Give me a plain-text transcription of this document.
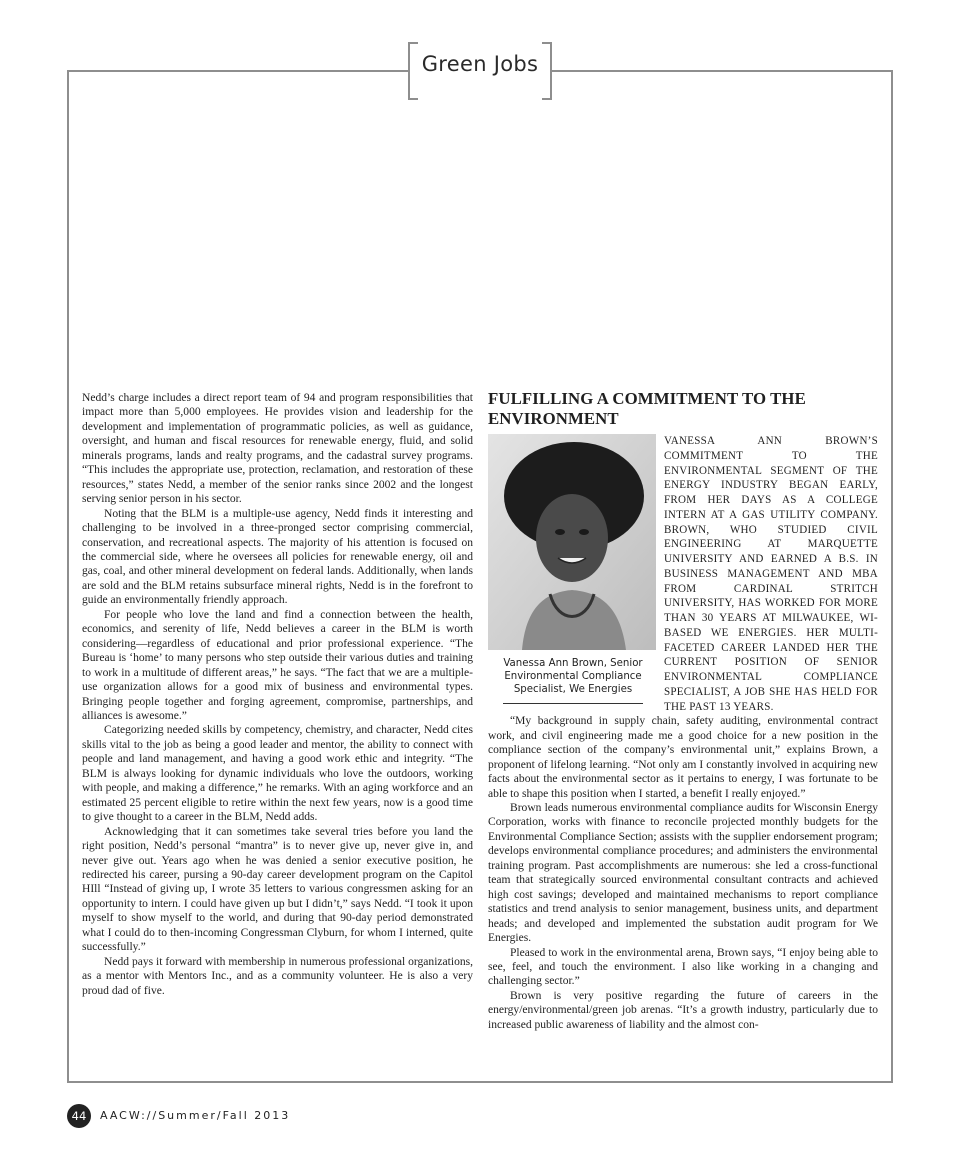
Green Jobs

Nedd’s charge includes a direct report team of 94 and program responsibilities that impact more than 5,000 employees. He provides vision and leadership for the development and implementation of programmatic policies, as well as guidance, oversight, and human and fiscal resources for renewable energy, fluid, and solid minerals programs, lands and realty programs, and the cadastral survey programs. “This includes the appropriate use, protection, reclamation, and restoration of these resources,” states Nedd, a member of the senior ranks since 2002 and the longest serving senior person in his sector.

Noting that the BLM is a multiple-use agency, Nedd finds it interesting and challenging to be involved in a three-pronged sector comprising commercial, conservation, and recreational aspects. The majority of his attention is focused on the commercial side, where he oversees all policies for renewable energy, oil and gas, coal, and other mineral development on federal lands. Additionally, when lands are sold and the BLM retains subsurface mineral rights, Nedd is in the forefront to guide an environmentally friendly approach.

For people who love the land and find a connection between the health, economics, and serenity of life, Nedd believes a career in the BLM is worth considering—regardless of educational and prior professional experience. “The Bureau is ‘home’ to many persons who step outside their various duties and training to work in a multitude of different areas,” he says. “The fact that we are a multiple-use organization allows for a good mix of business and environmental types. Bringing people together and forging agreement, compromise, partnerships, and alliances is awesome.”

Categorizing needed skills by competency, chemistry, and character, Nedd cites skills vital to the job as being a good leader and mentor, the ability to connect with people and land management, and having a good work ethic and integrity. “The BLM is always looking for dynamic individuals who love the outdoors, working with people, and making a difference,” he remarks. With an aging workforce and an estimated 25 percent eligible to retire within the next few years, now is a good time to give thought to a career in the BLM, Nedd adds.

Acknowledging that it can sometimes take several tries before you land the right position, Nedd’s personal “mantra” is to never give up, never give in, and never give out. Years ago when he was denied a senior executive position, he redirected his career, pursing a 90-day career development program on the Capitol HIll “Instead of giving up, I wrote 35 letters to various congressmen asking for an opportunity to intern. I could have given up but I didn’t,” says Nedd. “I took it upon myself to show myself to the world, and during that 90-day period demonstrated what I could do to then-incoming Congressman Clyburn, for whom I interned, quite successfully.”

Nedd pays it forward with membership in numerous professional organizations, as a mentor with Mentors Inc., and as a community volunteer. He is also a very proud dad of five.

FULFILLING A COMMITMENT TO THE ENVIRONMENT
Vanessa Ann Brown, Senior Environmental Compliance Specialist, We Energies

VANESSA ANN BROWN’S COMMITMENT TO THE ENVIRONMENTAL SEGMENT OF THE ENERGY INDUSTRY BEGAN EARLY, FROM HER DAYS AS A COLLEGE INTERN AT A GAS UTILITY COMPANY. BROWN, WHO STUDIED CIVIL ENGINEERING AT MARQUETTE UNIVERSITY AND EARNED A B.S. IN BUSINESS MANAGEMENT AND MBA FROM CARDINAL STRITCH UNIVERSITY, HAS WORKED FOR MORE THAN 30 YEARS AT MILWAUKEE, WI-BASED WE ENERGIES. HER MULTI-FACETED CAREER LANDED HER THE CURRENT POSITION OF SENIOR ENVIRONMENTAL COMPLIANCE SPECIALIST, A JOB SHE HAS HELD FOR THE PAST 13 YEARS.

“My background in supply chain, safety auditing, environmental contract work, and civil engineering made me a good choice for a new position in the compliance section of the company’s environmental unit,” explains Brown, a proponent of lifelong learning. “Not only am I constantly involved in acquiring new facts about the environmental sector as it pertains to energy, I was fortunate to be able to shape this position when I started, a benefit I really enjoyed.”

Brown leads numerous environmental compliance audits for Wisconsin Energy Corporation, works with finance to reconcile projected monthly budgets for the Environmental Compliance Section; assists with the supplier endorsement program; develops environmental compliance procedures; and administers the environmental training program. Past accomplishments are numerous: she led a cross-functional team that strategically sourced environmental consultant contracts and achieved high cost savings; developed and maintained mechanisms to report compliance statistics and trend analysis to senior management, business units, and department heads; and developed and implemented the substation audit program for We Energies.

Pleased to work in the environmental arena, Brown says, “I enjoy being able to see, feel, and touch the environment. I also like working in a changing and challenging sector.”

Brown is very positive regarding the future of careers in the energy/environmental/green job arenas. “It’s a growth industry, particularly due to increased public awareness of liability and the almost con-

44	AACW://Summer/Fall 2013
